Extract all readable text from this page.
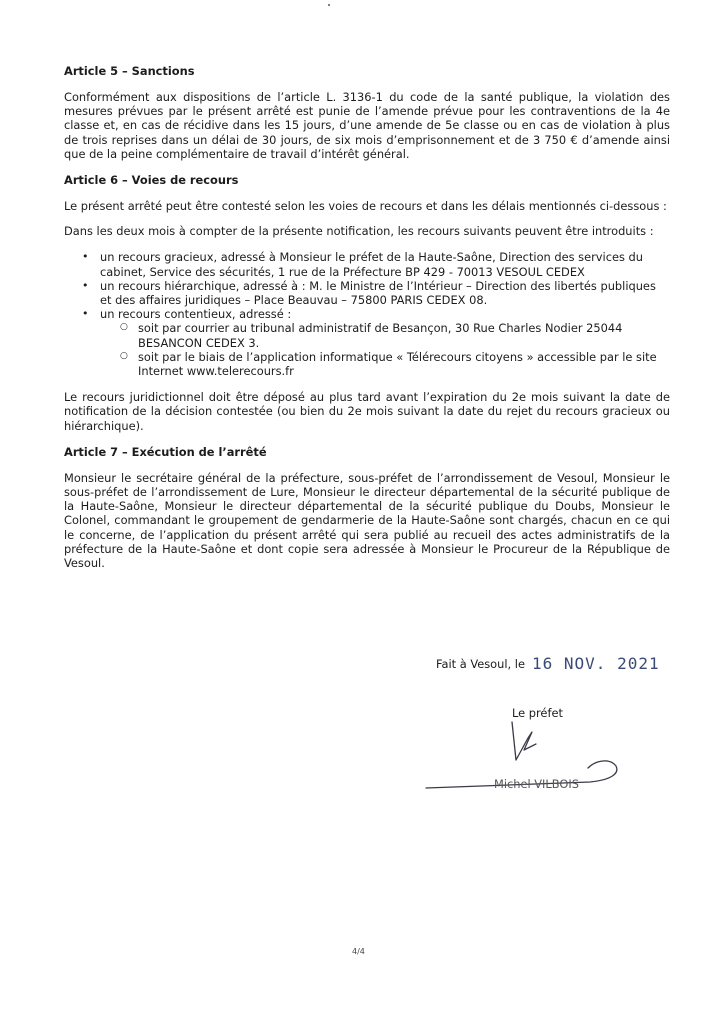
Article 5 – Sanctions

Conformément aux dispositions de l’article L. 3136-1 du code de la santé publique, la violation des mesures prévues par le présent arrêté est punie de l’amende prévue pour les contraventions de la 4e classe et, en cas de récidive dans les 15 jours, d’une amende de 5e classe ou en cas de violation à plus de trois reprises dans un délai de 30 jours, de six mois d’emprisonnement et de 3 750 € d’amende ainsi que de la peine complémentaire de travail d’intérêt général.

Article 6 – Voies de recours

Le présent arrêté peut être contesté selon les voies de recours et dans les délais mentionnés ci-dessous :

Dans les deux mois à compter de la présente notification, les recours suivants peuvent être introduits :

• un recours gracieux, adressé à Monsieur le préfet de la Haute-Saône, Direction des services du cabinet, Service des sécurités, 1 rue de la Préfecture BP 429 - 70013 VESOUL CEDEX
• un recours hiérarchique, adressé à : M. le Ministre de l’Intérieur – Direction des libertés publiques et des affaires juridiques – Place Beauvau – 75800 PARIS CEDEX 08.
• un recours contentieux, adressé :
○ soit par courrier au tribunal administratif de Besançon, 30 Rue Charles Nodier 25044 BESANCON CEDEX 3.
○ soit par le biais de l’application informatique « Télérecours citoyens » accessible par le site Internet www.telerecours.fr

Le recours juridictionnel doit être déposé au plus tard avant l’expiration du 2e mois suivant la date de notification de la décision contestée (ou bien du 2e mois suivant la date du rejet du recours gracieux ou hiérarchique).

Article 7 – Exécution de l’arrêté

Monsieur le secrétaire général de la préfecture, sous-préfet de l’arrondissement de Vesoul, Monsieur le sous-préfet de l’arrondissement de Lure, Monsieur le directeur départemental de la sécurité publique de la Haute-Saône, Monsieur le directeur départemental de la sécurité publique du Doubs, Monsieur le Colonel, commandant le groupement de gendarmerie de la Haute-Saône sont chargés, chacun en ce qui le concerne, de l’application du présent arrêté qui sera publié au recueil des actes administratifs de la préfecture de la Haute-Saône et dont copie sera adressée à Monsieur le Procureur de la République de Vesoul.

Fait à Vesoul, le 16 NOV. 2021
Le préfet
Michel VILBOIS
4/4
